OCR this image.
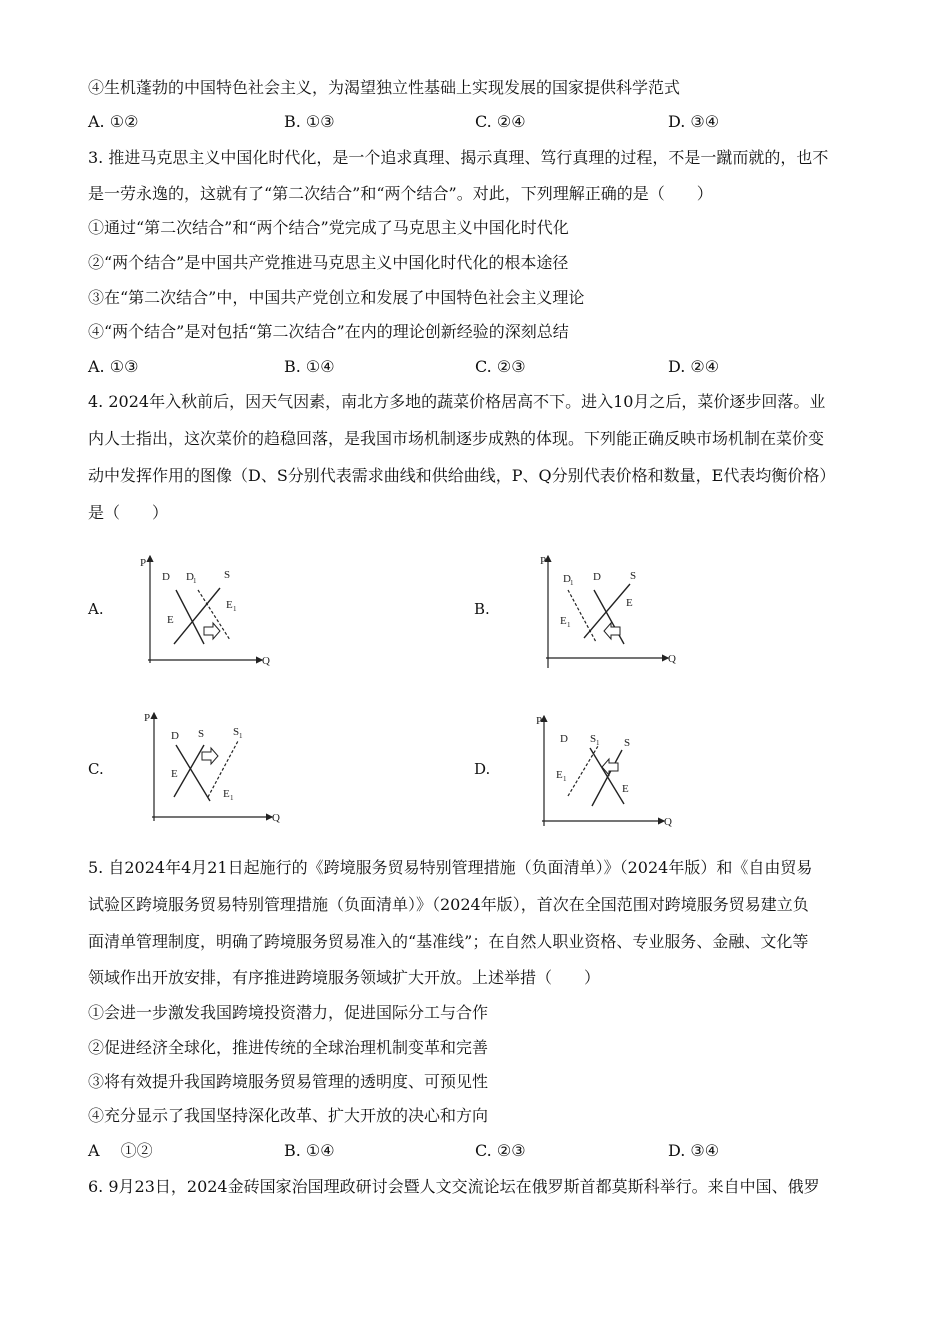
④生机蓬勃的中国特色社会主义，为渴望独立性基础上实现发展的国家提供科学范式
A. ①②	B. ①③	C. ②④	D. ③④
3. 推进马克思主义中国化时代化，是一个追求真理、揭示真理、笃行真理的过程，不是一蹴而就的，也不
是一劳永逸的，这就有了“第二次结合”和“两个结合”。对此，下列理解正确的是（　　）
①通过“第二次结合”和“两个结合”党完成了马克思主义中国化时代化
②“两个结合”是中国共产党推进马克思主义中国化时代化的根本途径
③在“第二次结合”中，中国共产党创立和发展了中国特色社会主义理论
④“两个结合”是对包括“第二次结合”在内的理论创新经验的深刻总结
A. ①③	B. ①④	C. ②③	D. ②④
4. 2024年入秋前后，因天气因素，南北方多地的蔬菜价格居高不下。进入10月之后，菜价逐步回落。业
内人士指出，这次菜价的趋稳回落，是我国市场机制逐步成熟的体现。下列能正确反映市场机制在菜价变
动中发挥作用的图像（D、S分别代表需求曲线和供给曲线，P、Q分别代表价格和数量，E代表均衡价格）
是（　　）
A.	B.
C.	D.
P
Q
D D 1	S
E
E 1
P
Q
D 1 D	S
E 1
E
P
Q
D S	S 1
E
E 1
P
Q
D S 1 S
E 1
E
5. 自2024年4月21日起施行的《跨境服务贸易特别管理措施（负面清单）》（2024年版）和《自由贸易
试验区跨境服务贸易特别管理措施（负面清单）》（2024年版），首次在全国范围对跨境服务贸易建立负
面清单管理制度，明确了跨境服务贸易准入的“基准线”；在自然人职业资格、专业服务、金融、文化等
领域作出开放安排，有序推进跨境服务领域扩大开放。上述举措（　　）
①会进一步激发我国跨境投资潜力，促进国际分工与合作
②促进经济全球化，推进传统的全球治理机制变革和完善
③将有效提升我国跨境服务贸易管理的透明度、可预见性
④充分显示了我国坚持深化改革、扩大开放的决心和方向
A　 ①②	B. ①④	C. ②③	D. ③④
6. 9月23日，2024金砖国家治国理政研讨会暨人文交流论坛在俄罗斯首都莫斯科举行。来自中国、俄罗
